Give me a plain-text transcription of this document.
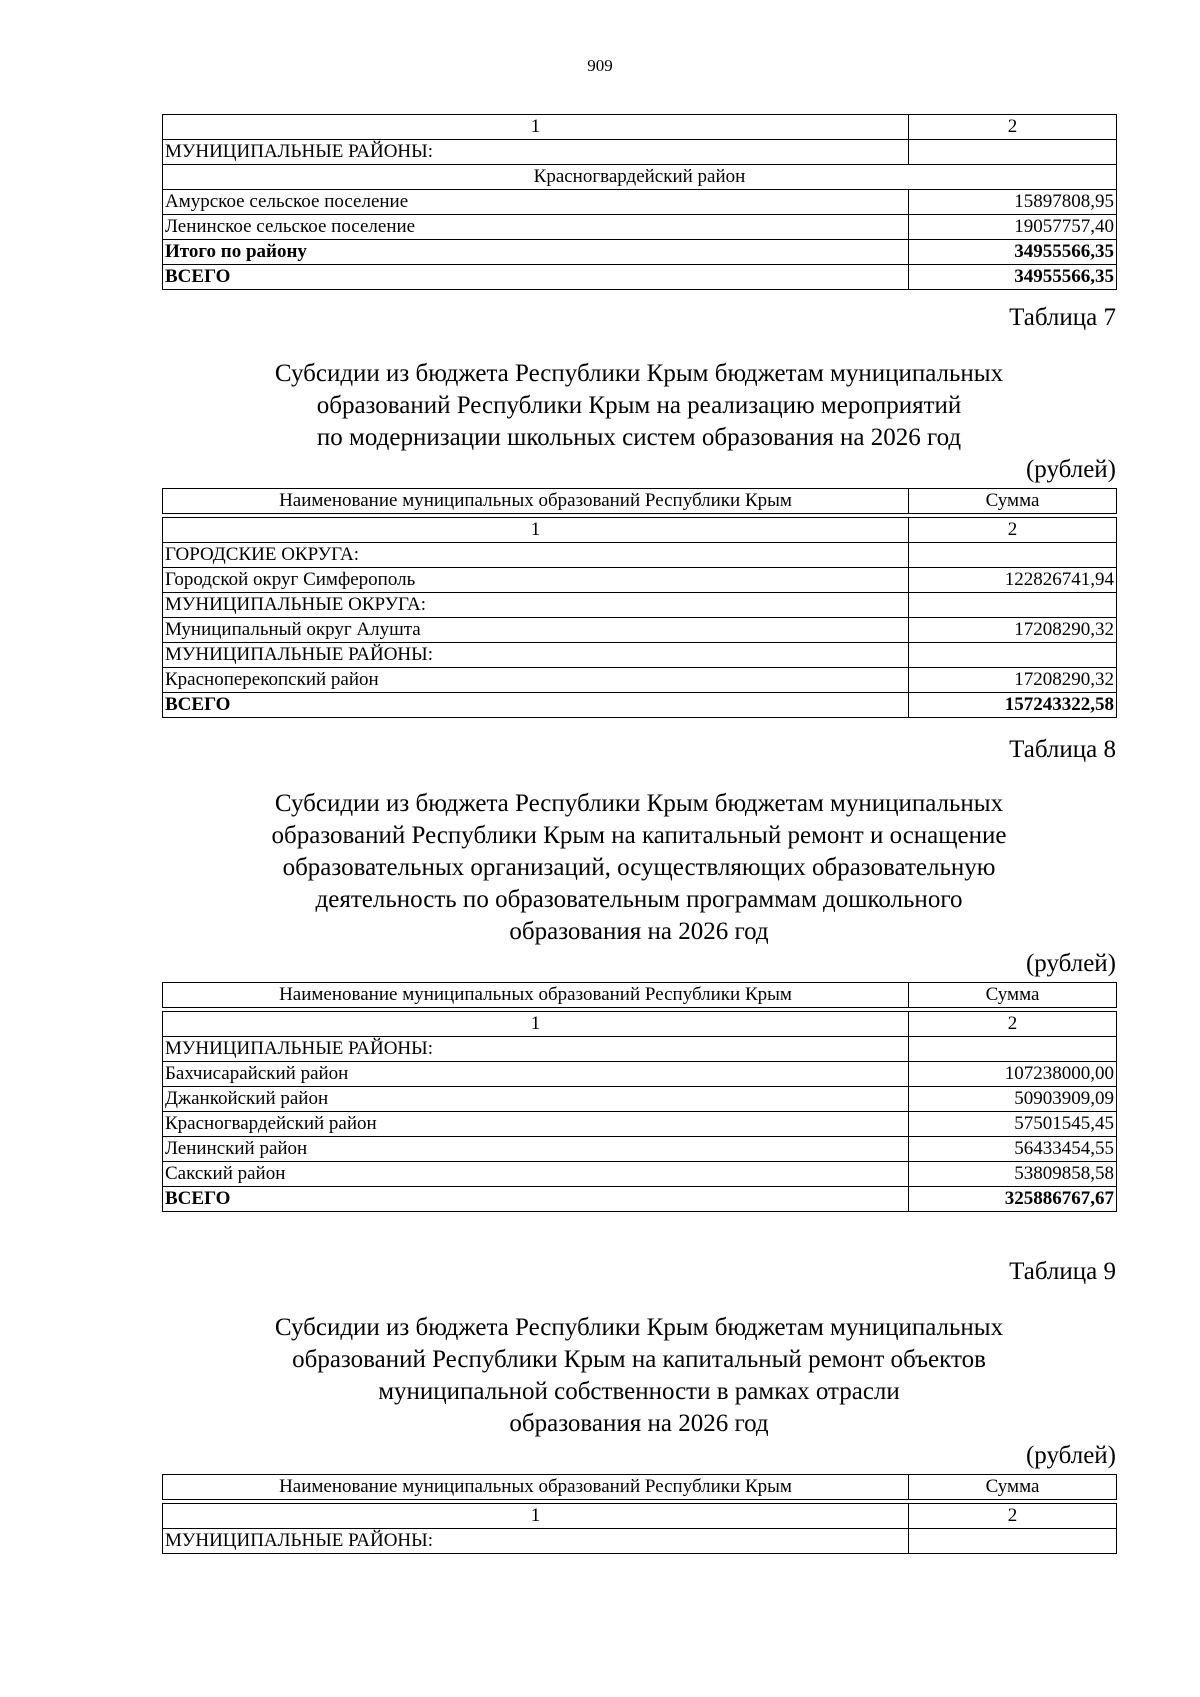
909
1	2
МУНИЦИПАЛЬНЫЕ РАЙОНЫ:	
Красногвардейский район	
Амурское сельское поселение	15897808,95
Ленинское сельское поселение	19057757,40
Итого по району	34955566,35
ВСЕГО	34955566,35
Таблица 7
Субсидии из бюджета Республики Крым бюджетам муниципальных
образований Республики Крым на реализацию мероприятий
по модернизации школьных систем образования на 2026 год
(рублей)
Наименование муниципальных образований Республики Крым	Сумма

1	2
ГОРОДСКИЕ ОКРУГА:	
Городской округ Симферополь	122826741,94
МУНИЦИПАЛЬНЫЕ ОКРУГА:	
Муниципальный округ Алушта	17208290,32
МУНИЦИПАЛЬНЫЕ РАЙОНЫ:	
Красноперекопский район	17208290,32
ВСЕГО	157243322,58
Таблица 8
Субсидии из бюджета Республики Крым бюджетам муниципальных
образований Республики Крым на капитальный ремонт и оснащение
образовательных организаций, осуществляющих образовательную
деятельность по образовательным программам дошкольного
образования на 2026 год
(рублей)
Наименование муниципальных образований Республики Крым	Сумма

1	2
МУНИЦИПАЛЬНЫЕ РАЙОНЫ:	
Бахчисарайский район	107238000,00
Джанкойский район	50903909,09
Красногвардейский район	57501545,45
Ленинский район	56433454,55
Сакский район	53809858,58
ВСЕГО	325886767,67
Таблица 9
Субсидии из бюджета Республики Крым бюджетам муниципальных
образований Республики Крым на капитальный ремонт объектов
муниципальной собственности в рамках отрасли
образования на 2026 год
(рублей)
Наименование муниципальных образований Республики Крым	Сумма

1	2
МУНИЦИПАЛЬНЫЕ РАЙОНЫ:	
